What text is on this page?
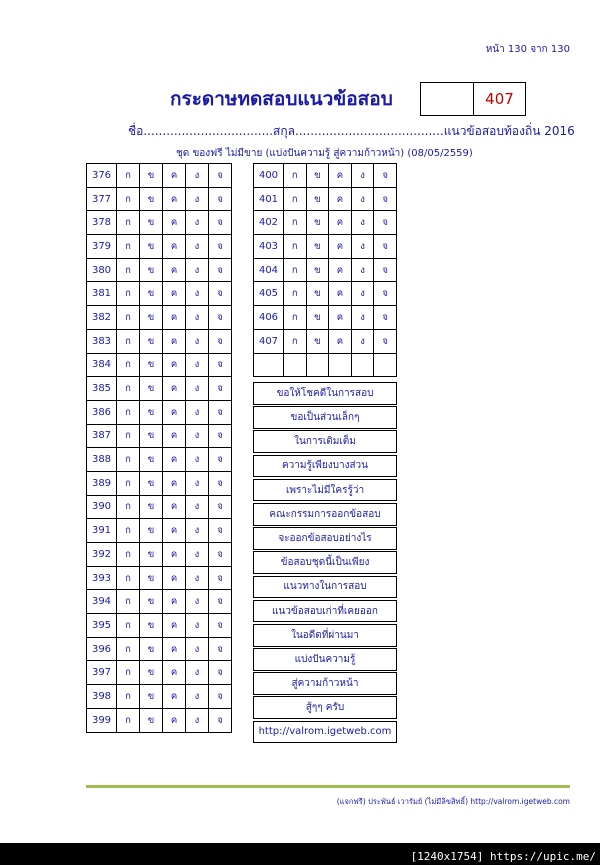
หน้า 130 จาก 130
กระดาษทดสอบแนวข้อสอบ	407
ชื่อ..................................สกุล.......................................แนวข้อสอบท้องถิ่น 2016
ชุด ของฟรี ไม่มีขาย (แบ่งปันความรู้ สู่ความก้าวหน้า) (08/05/2559)
376	ก	ข	ค	ง	จ
377	ก	ข	ค	ง	จ
378	ก	ข	ค	ง	จ
379	ก	ข	ค	ง	จ
380	ก	ข	ค	ง	จ
381	ก	ข	ค	ง	จ
382	ก	ข	ค	ง	จ
383	ก	ข	ค	ง	จ
384	ก	ข	ค	ง	จ
385	ก	ข	ค	ง	จ
386	ก	ข	ค	ง	จ
387	ก	ข	ค	ง	จ
388	ก	ข	ค	ง	จ
389	ก	ข	ค	ง	จ
390	ก	ข	ค	ง	จ
391	ก	ข	ค	ง	จ
392	ก	ข	ค	ง	จ
393	ก	ข	ค	ง	จ
394	ก	ข	ค	ง	จ
395	ก	ข	ค	ง	จ
396	ก	ข	ค	ง	จ
397	ก	ข	ค	ง	จ
398	ก	ข	ค	ง	จ
399	ก	ข	ค	ง	จ
400	ก	ข	ค	ง	จ
401	ก	ข	ค	ง	จ
402	ก	ข	ค	ง	จ
403	ก	ข	ค	ง	จ
404	ก	ข	ค	ง	จ
405	ก	ข	ค	ง	จ
406	ก	ข	ค	ง	จ
407	ก	ข	ค	ง	จ

ขอให้โชคดีในการสอบ
ขอเป็นส่วนเล็กๆ
ในการเติมเต็ม
ความรู้เพียงบางส่วน
เพราะไม่มีใครรู้ว่า
คณะกรรมการออกข้อสอบ
จะออกข้อสอบอย่างไร
ข้อสอบชุดนี้เป็นเพียง
แนวทางในการสอบ
แนวข้อสอบเก่าที่เคยออก
ในอดีตที่ผ่านมา
แบ่งปันความรู้
สู่ความก้าวหน้า
สู้ๆๆ ครับ
http://valrom.igetweb.com
(แจกฟรี) ประพันธ์ เวารัมย์ (ไม่มีลิขสิทธิ์) http://valrom.igetweb.com
[1240x1754] https://upic.me/
